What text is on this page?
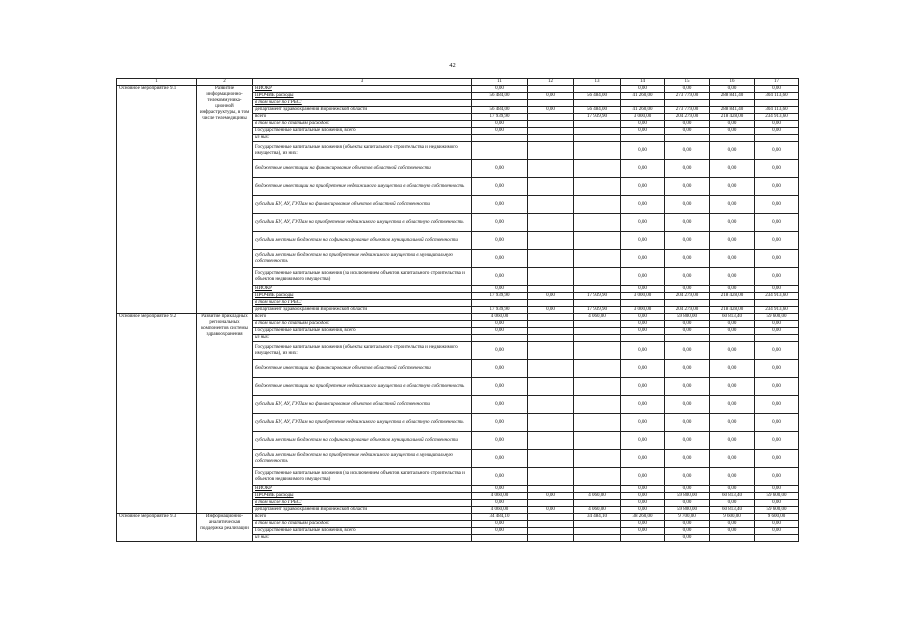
42
1	2	3	11	12	13	14	15	16	17
Основное мероприятие 9.1	Развитие информационно-телекоммуника-ционной инфраструктуры, в том числе телемедицины	НИОКР	0,00			0,00	0,00	0,00	0,00
		ПРОЧИЕ расходы	56 484,00	0,00	56 484,00	41 260,00	273 779,00	288 841,40	304 113,60
		в том числе по ГРБС:							
		департамент здравоохранения Воронежской области	56 484,00	0,00	56 484,00	41 260,00	273 779,00	288 841,40	304 113,60
		всего	17 939,90		17 939,90	3 000,00	204 279,00	218 428,00	234 913,60
		в том числе по статьям расходов:	0,00			0,00	0,00	0,00	0,00
		Государственные капитальные вложения, всего	0,00			0,00	0,00	0,00	0,00
		из них:							
		Государственные капитальные вложения (объекты капитального строительства и недвижимого имущества), из них:				0,00	0,00	0,00	0,00
		бюджетные инвестиции на финансирование объектов областной собственности	0,00			0,00	0,00	0,00	0,00
		бюджетные инвестиции на приобретение недвижимого имущества в областную собственность	0,00			0,00	0,00	0,00	0,00
		субсидии БУ, АУ, ГУПам на финансирование объектов областной собственности	0,00			0,00	0,00	0,00	0,00
		субсидии БУ, АУ, ГУПам на приобретение недвижимого имущества в областную собственность	0,00			0,00	0,00	0,00	0,00
		субсидии местным бюджетам на софинансирование объектов муниципальной собственности	0,00			0,00	0,00	0,00	0,00
		субсидии местным бюджетам на приобретение недвижимого имущества в муниципальную собственность	0,00			0,00	0,00	0,00	0,00
		Государственные капитальные вложения (за исключением объектов капитального строительства и объектов недвижимого имущества)	0,00			0,00	0,00	0,00	0,00
		НИОКР	0,00			0,00	0,00	0,00	0,00
		ПРОЧИЕ расходы	17 939,90	0,00	17 939,90	3 000,00	204 279,00	218 428,00	234 913,60
		в том числе по ГРБС:							
		департамент здравоохранения Воронежской области	17 939,90	0,00	17 939,90	3 000,00	204 279,00	218 428,00	234 913,60
Основное мероприятие 9.2	Развитие прикладных региональных компонентов системы здравоохранения	всего	4 060,00		4 060,00	0,00	59 800,00	60 813,40	59 600,00
		в том числе по статьям расходов:	0,00			0,00	0,00	0,00	0,00
		Государственные капитальные вложения, всего	0,00			0,00	0,00	0,00	0,00
		из них:							
		Государственные капитальные вложения (объекты капитального строительства и недвижимого имущества), из них:	0,00			0,00	0,00	0,00	0,00
		бюджетные инвестиции на финансирование объектов областной собственности	0,00			0,00	0,00	0,00	0,00
		бюджетные инвестиции на приобретение недвижимого имущества в областную собственность	0,00			0,00	0,00	0,00	0,00
		субсидии БУ, АУ, ГУПам на финансирование объектов областной собственности	0,00			0,00	0,00	0,00	0,00
		субсидии БУ, АУ, ГУПам на приобретение недвижимого имущества в областную собственность	0,00			0,00	0,00	0,00	0,00
		субсидии местным бюджетам на софинансирование объектов муниципальной собственности	0,00			0,00	0,00	0,00	0,00
		субсидии местным бюджетам на приобретение недвижимого имущества в муниципальную собственность	0,00			0,00	0,00	0,00	0,00
		Государственные капитальные вложения (за исключением объектов капитального строительства и объектов недвижимого имущества)	0,00			0,00	0,00	0,00	0,00
		НИОКР	0,00			0,00	0,00	0,00	0,00
		ПРОЧИЕ расходы	4 060,00	0,00	4 060,00	0,00	59 800,00	60 813,40	59 600,00
		в том числе по ГРБС:	0,00			0,00	0,00	0,00	0,00
		департамент здравоохранения Воронежской области	4 060,00	0,00	4 060,00	0,00	59 800,00	60 813,40	59 600,00
Основное мероприятие 9.3	Информационно-аналитическая поддержка реализации	всего	34 484,10		34 484,10	38 260,00	9 700,00	9 600,00	9 600,00
		в том числе по статьям расходов:	0,00			0,00	0,00	0,00	0,00
		Государственные капитальные вложения, всего	0,00			0,00	0,00	0,00	0,00
		из них:					0,00		
